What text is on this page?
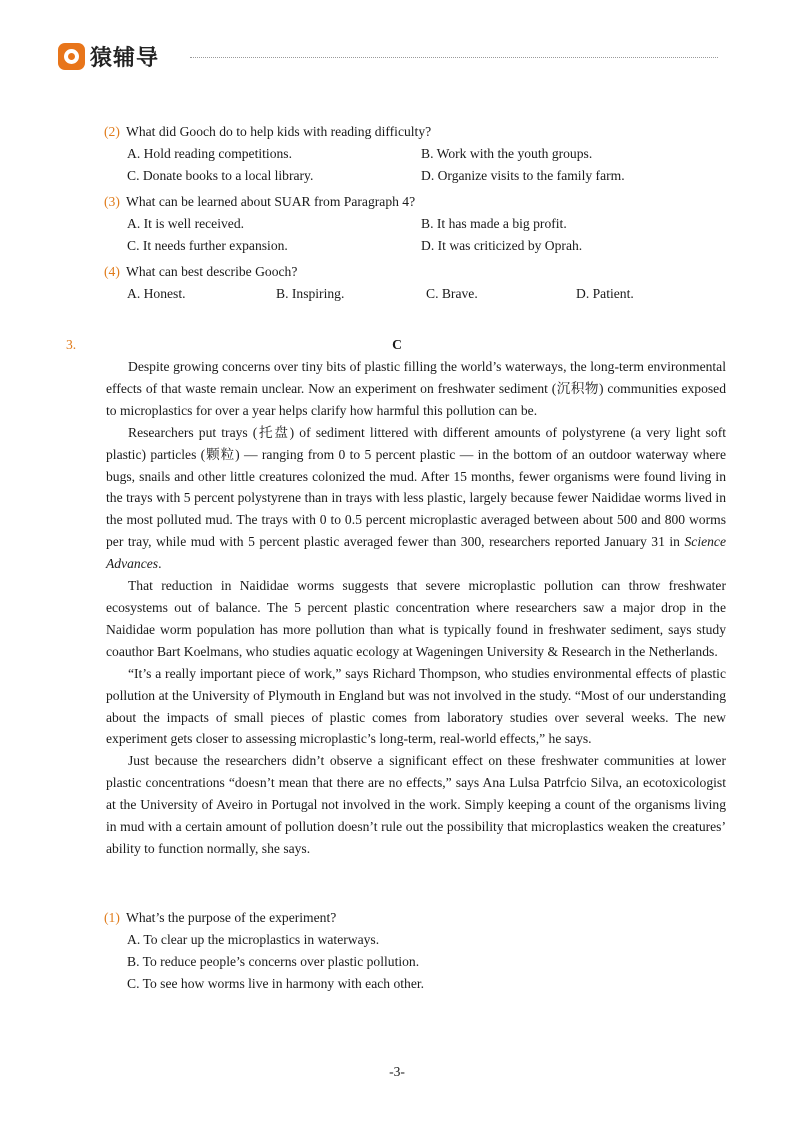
猿辅导
(2) What did Gooch do to help kids with reading difficulty?
A. Hold reading competitions.	B. Work with the youth groups.
C. Donate books to a local library.	D. Organize visits to the family farm.
(3) What can be learned about SUAR from Paragraph 4?
A. It is well received.	B. It has made a big profit.
C. It needs further expansion.	D. It was criticized by Oprah.
(4) What can best describe Gooch?
A. Honest.	B. Inspiring.	C. Brave.	D. Patient.
3.	C

Despite growing concerns over tiny bits of plastic filling the world’s waterways, the long-term environmental effects of that waste remain unclear. Now an experiment on freshwater sediment (沉积物) communities exposed to microplastics for over a year helps clarify how harmful this pollution can be.

Researchers put trays (托盘) of sediment littered with different amounts of polystyrene (a very light soft plastic) particles (颗粒) — ranging from 0 to 5 percent plastic — in the bottom of an outdoor waterway where bugs, snails and other little creatures colonized the mud. After 15 months, fewer organisms were found living in the trays with 5 percent polystyrene than in trays with less plastic, largely because fewer Naididae worms lived in the most polluted mud. The trays with 0 to 0.5 percent microplastic averaged between about 500 and 800 worms per tray, while mud with 5 percent plastic averaged fewer than 300, researchers reported January 31 in Science Advances.

That reduction in Naididae worms suggests that severe microplastic pollution can throw freshwater ecosystems out of balance. The 5 percent plastic concentration where researchers saw a major drop in the Naididae worm population has more pollution than what is typically found in freshwater sediment, says study coauthor Bart Koelmans, who studies aquatic ecology at Wageningen University & Research in the Netherlands.

“It’s a really important piece of work,” says Richard Thompson, who studies environmental effects of plastic pollution at the University of Plymouth in England but was not involved in the study. “Most of our understanding about the impacts of small pieces of plastic comes from laboratory studies over several weeks. The new experiment gets closer to assessing microplastic’s long-term, real-world effects,” he says.

Just because the researchers didn’t observe a significant effect on these freshwater communities at lower plastic concentrations “doesn’t mean that there are no effects,” says Ana Lulsa Patrfcio Silva, an ecotoxicologist at the University of Aveiro in Portugal not involved in the work. Simply keeping a count of the organisms living in mud with a certain amount of pollution doesn’t rule out the possibility that microplastics weaken the creatures’ ability to function normally, she says.

(1) What’s the purpose of the experiment?
A. To clear up the microplastics in waterways.
B. To reduce people’s concerns over plastic pollution.
C. To see how worms live in harmony with each other.
-3-
